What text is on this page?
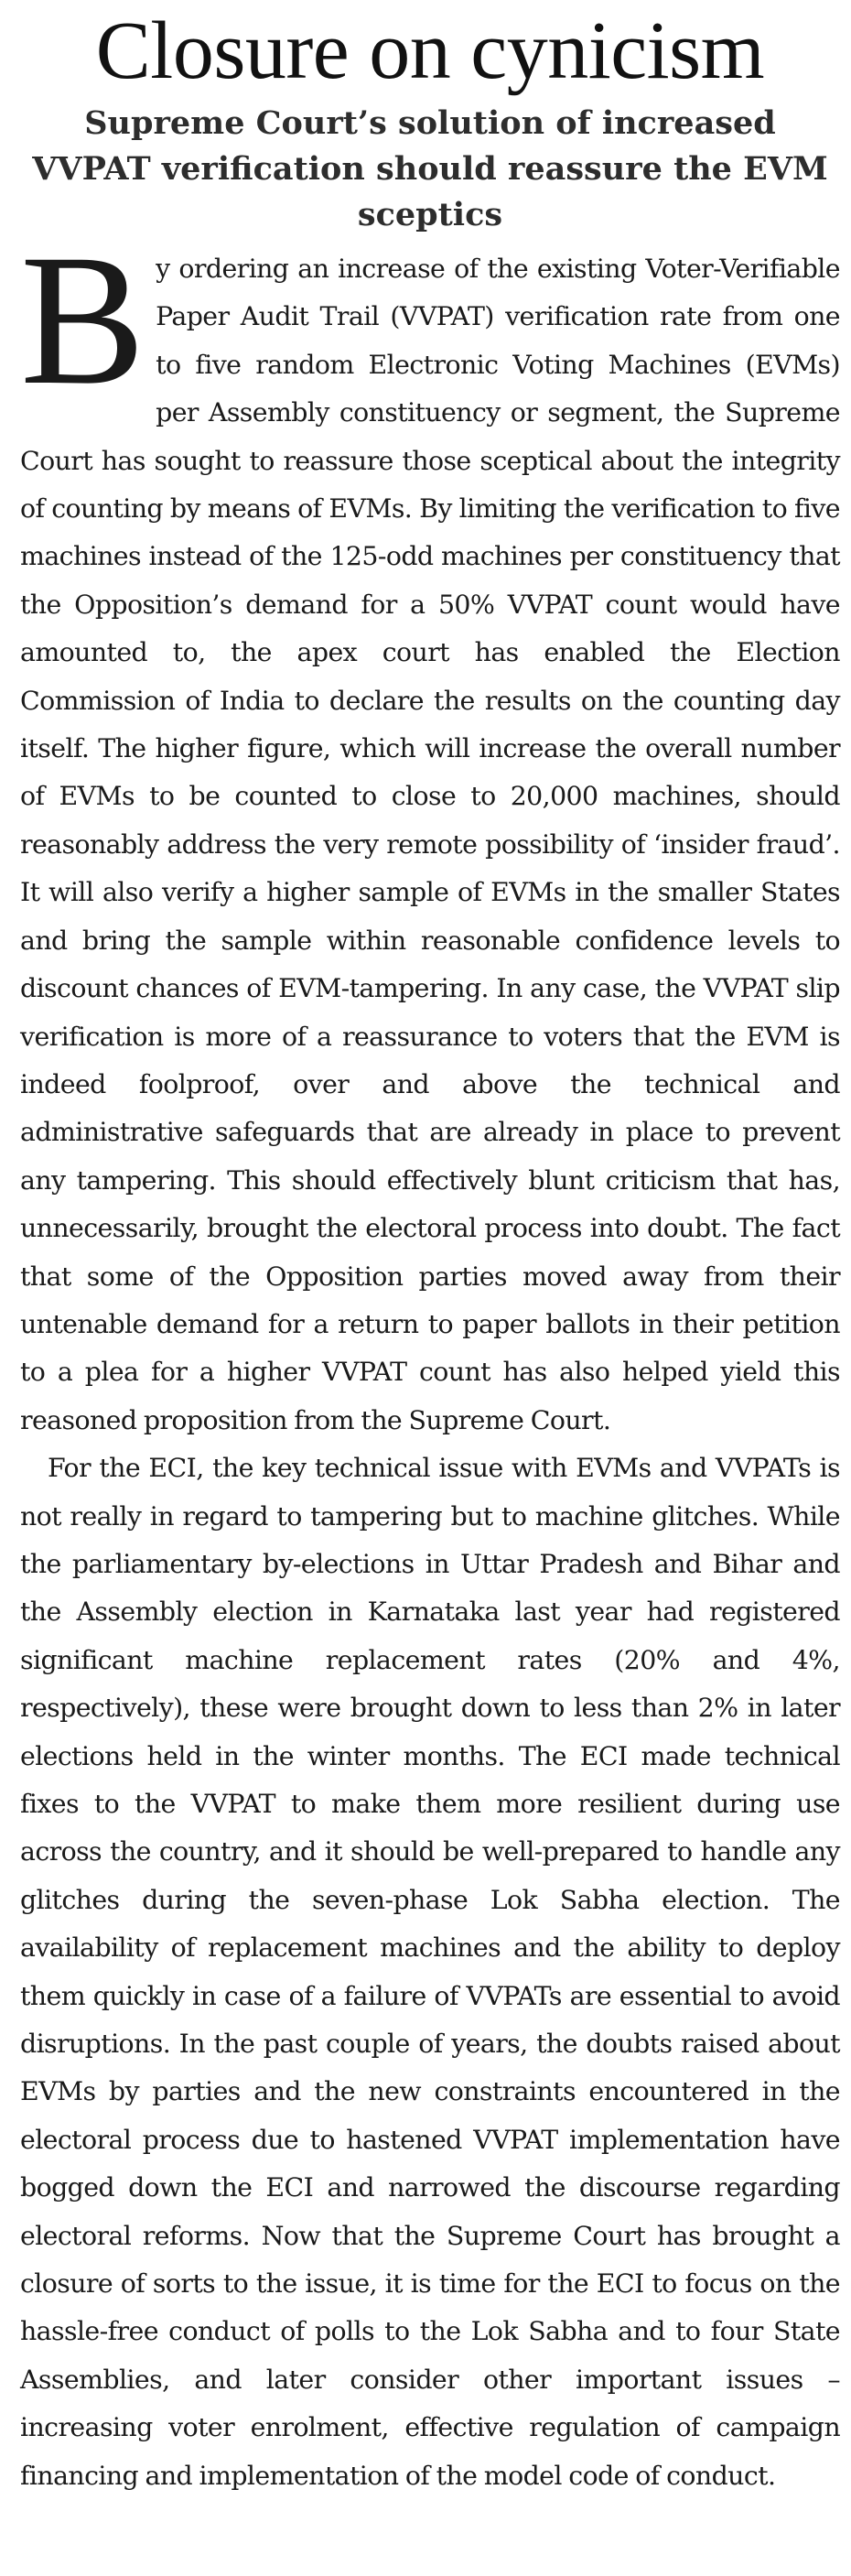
Closure on cynicism
Supreme Court’s solution of increased VVPAT verification should reassure the EVM sceptics

By ordering an increase of the existing Voter-Verifiable Paper Audit Trail (VVPAT) verification rate from one to five random Electronic Voting Machines (EVMs) per Assembly constituency or segment, the Supreme Court has sought to reassure those sceptical about the integrity of counting by means of EVMs. By limiting the verification to five machines instead of the 125-odd machines per constituency that the Opposition’s demand for a 50% VVPAT count would have amounted to, the apex court has enabled the Election Commission of India to declare the results on the counting day itself. The higher figure, which will increase the overall number of EVMs to be counted to close to 20,000 machines, should reasonably address the very remote possibility of ‘insider fraud’. It will also verify a higher sample of EVMs in the smaller States and bring the sample within reasonable confidence levels to discount chances of EVM-tampering. In any case, the VVPAT slip verification is more of a reassurance to voters that the EVM is indeed foolproof, over and above the technical and administrative safeguards that are already in place to prevent any tampering. This should effectively blunt criticism that has, unnecessarily, brought the electoral process into doubt. The fact that some of the Opposition parties moved away from their untenable demand for a return to paper ballots in their petition to a plea for a higher VVPAT count has also helped yield this reasoned proposition from the Supreme Court.

For the ECI, the key technical issue with EVMs and VVPATs is not really in regard to tampering but to machine glitches. While the parliamentary by-elections in Uttar Pradesh and Bihar and the Assembly election in Karnataka last year had registered significant machine replacement rates (20% and 4%, respectively), these were brought down to less than 2% in later elections held in the winter months. The ECI made technical fixes to the VVPAT to make them more resilient during use across the country, and it should be well-prepared to handle any glitches during the seven-phase Lok Sabha election. The availability of replacement machines and the ability to deploy them quickly in case of a failure of VVPATs are essential to avoid disruptions. In the past couple of years, the doubts raised about EVMs by parties and the new constraints encountered in the electoral process due to hastened VVPAT implementation have bogged down the ECI and narrowed the discourse regarding electoral reforms. Now that the Supreme Court has brought a closure of sorts to the issue, it is time for the ECI to focus on the hassle-free conduct of polls to the Lok Sabha and to four State Assemblies, and later consider other important issues – increasing voter enrolment, effective regulation of campaign financing and implementation of the model code of conduct.
